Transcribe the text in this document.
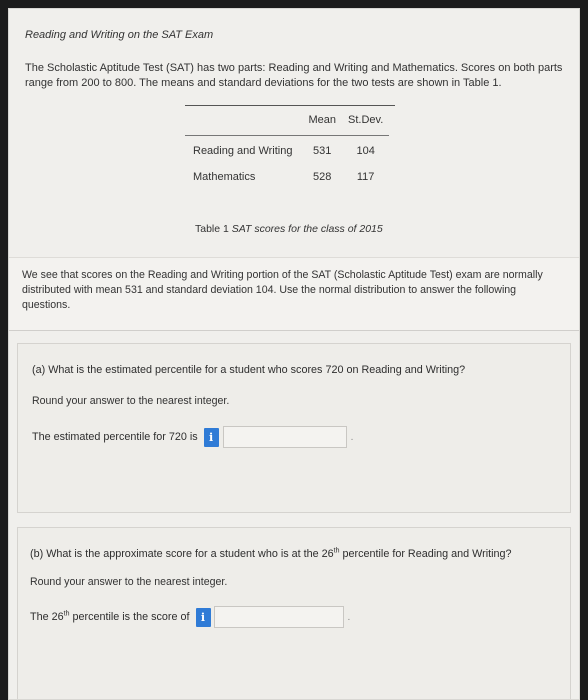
Reading and Writing on the SAT Exam

The Scholastic Aptitude Test (SAT) has two parts: Reading and Writing and Mathematics. Scores on both parts range from 200 to 800. The means and standard deviations for the two tests are shown in Table 1.

	Mean	St.Dev.
Reading and Writing	531	104
Mathematics	528	117
Table 1 SAT scores for the class of 2015

We see that scores on the Reading and Writing portion of the SAT (Scholastic Aptitude Test) exam are normally distributed with mean 531 and standard deviation 104. Use the normal distribution to answer the following questions.

(a) What is the estimated percentile for a student who scores 720 on Reading and Writing?

Round your answer to the nearest integer.
The estimated percentile for 720 is	i	.

(b) What is the approximate score for a student who is at the 26th percentile for Reading and Writing?

Round your answer to the nearest integer.
The 26th percentile is the score of	i	.
